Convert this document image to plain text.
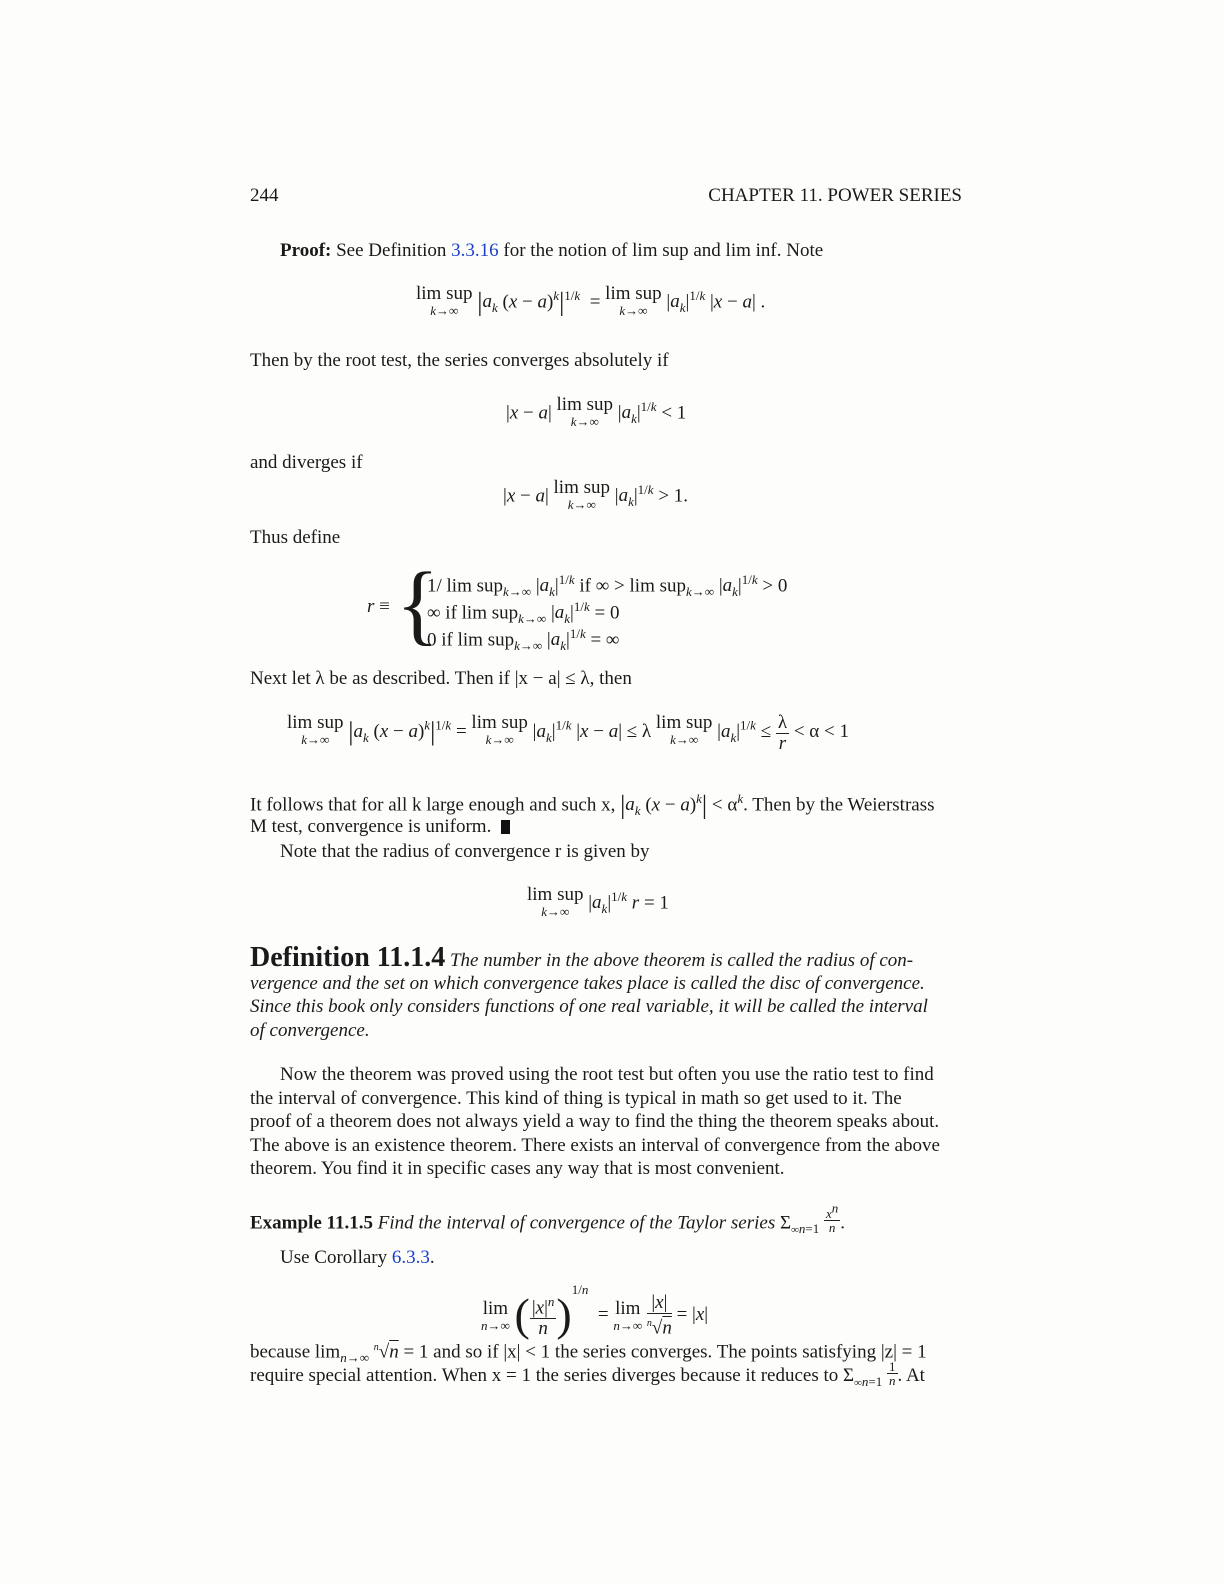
244	CHAPTER 11. POWER SERIES
Proof: See Definition 3.3.16 for the notion of lim sup and lim inf. Note
lim sup
k→∞ $|a_k$ $(x - a)^k|^{1/k} = \lim$ sup
k→∞ $|a_k|^{1/k}$ |x − a| .
Then by the root test, the series converges absolutely if
|x − a| lim sup
k→∞ $|a_k|^{1/k} < 1$
and diverges if
|x − a| lim sup
k→∞ $|a_k|^{1/k} > 1$.
Thus define
r ≡ {
1/ lim sup$_{k\to\infty}$ $|a_k|^{1/k}$ if ∞ > lim sup$_{k\to\infty}$ $|a_k|^{1/k} > 0$
∞ if lim sup$_{k\to\infty}$ $|a_k|^{1/k} = 0$
0 if lim sup$_{k\to\infty}$ $|a_k|^{1/k}$ = ∞
Next let λ be as described. Then if |x − a| ≤ λ, then
lim sup
k→∞ $|a_k$ $(x - a)^k|^{1/k} = \lim$ sup
k→∞ $|a_k|^{1/k}$ |x − a| ≤ λ lim sup
k→∞ $|a_k|^{1/k} \le \frac{\lambda}{r} < \alpha < 1$
It follows that for all k large enough and such x, $|a_k$ $(x - a)^k| < \alpha^k$. Then by the Weierstrass
M test, convergence is uniform.
Note that the radius of convergence r is given by
lim sup
k→∞ $|a_k|^{1/k}$ r = 1
Definition 11.1.4 The number in the above theorem is called the radius of con-
vergence and the set on which convergence takes place is called the disc of convergence.
Since this book only considers functions of one real variable, it will be called the interval
of convergence.
Now the theorem was proved using the root test but often you use the ratio test to find
the interval of convergence. This kind of thing is typical in math so get used to it. The
proof of a theorem does not always yield a way to find the thing the theorem speaks about.
The above is an existence theorem. There exists an interval of convergence from the above
theorem. You find it in specific cases any way that is most convenient.
Example 11.1.5 Find the interval of convergence of the Taylor series $\Sigma_{\infty n=1} \frac{x^n}{n}$ .
Use Corollary 6.3.3.
lim
n→∞ ( $\frac{|x|^n}{n} )^{1/n} = \lim$
n→∞
$\frac{|x|}{^n√n} = |x|$
because $\lim_{n\to\infty} ^n√n = 1$ and so if |x| < 1 the series converges. The points satisfying |z| = 1
require special attention. When x = 1 the series diverges because it reduces to $\Sigma_{\infty n=1} \frac{1}{n}$ . At
